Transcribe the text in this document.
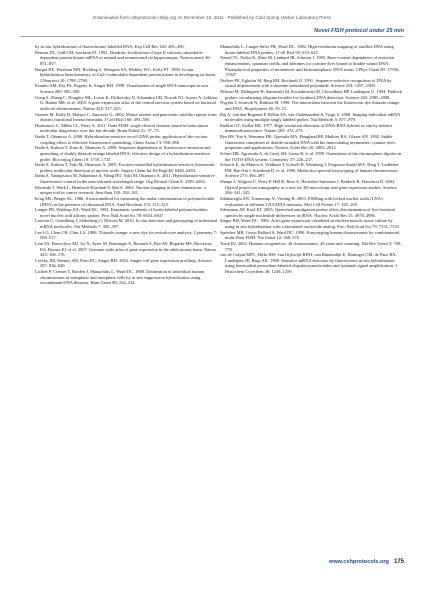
Downloaded from cshprotocols.cshlp.org on December 15, 2011 - Published by Cold Spring Harbor Laboratory Press
Novel FISH protocol under 25 min

by in situ hybridization of fluorochrome-labelled RNA. Exp Cell Res 128: 485–490.

Benson DL, Gall CM, Isackson PJ. 1992. Dendritic localization of type II calcium calmodulin-dependent protein kinase mRNA in normal and reinnervated rat hippocampus. Neuroscience 46: 851–857.

Burgin KE, Waxham MN, Rickling S, Westgate SA, Mobley WC, Kelly PT. 1990. In situ hybridization histochemistry of Ca2+/calmodulin-dependent protein kinase in developing rat brain. J Neurosci 10: 1788–1798.

Femino AM, Fay FS, Fogarty K, Singer RH. 1998. Visualization of single RNA transcripts in situ. Science 280: 585–590.

Gong S, Zheng C, Doughty ML, Losos K, Didkovsky N, Schambra UB, Nowak NJ, Joyner A, Leblanc G, Hatten ME, et al. 2003. A gene expression atlas of the central nervous system based on bacterial artificial chromosomes. Nature 425: 917–925.

Gurnett M, Baffy D, Matsuo C, Amoroso G. 2004. Mouse uterine and pancreatic satellite repeats form distinct functional heterochromatin. J Cell Biol 166: 493–505.

Hoshimoto C, Miller CL, Perry A. 2011. Gene FISH: single clinical features found in brain tumor molecular diagnostics over the last decade. Brain Pathol 21: 57–73.

Ikeda T, Okamoto A. 2008. Hybridization-sensitive on-off DNA probe: application of the exciton coupling effect to effective fluorescence quenching. Chem Asian J 3: 958–968.

Ikeda S, Kubota T, Kino K, Okamoto A. 2008. Sequence dependence of fluorescence emission and quenching of doubly thiazole orange labeled DNA: effective design of a hybridization-sensitive probe. Bioconjug Chem 19: 1719–1725.

Ikeda S, Kubota T, Yuki M, Okamoto A. 2009. Exciton-controlled hybridization-sensitive fluorescent probes: multicolor detection of nucleic acids. Angew Chem Int Ed Engl 48: 6480–6484.

Ikeda S, Yanagisawa M, Nakamura A, Wang DO, Yuki M, Okamoto A. 2011. Hybridization-sensitive fluorescence control in the near-infrared wavelength range. Org Biomol Chem 9: 4199–4204.

Khoshab T, Wark L, Hembach-Khoshab S, Mai S. 2002. Nuclear imaging in three dimensions: a unique tool in cancer research. Ann Anat 192: 292–301.

Krug MS, Berger SL. 1986. A micromethod for measuring the molar concentration of polynucleotide (DNA) in the presence of ribosomal RNA. Anal Biochem 153: 315–323.

Langer PR, Waldrop AA, Ward DC. 1981. Enzymatic synthesis of biotin-labeled polynucleotides: novel nucleic acid affinity probes. Proc Natl Acad Sci 78: 6633–6637.

Larsson C, Grundberg I, Söderberg O, Nilsson M. 2010. In situ detection and genotyping of individual mRNA molecules. Nat Methods 7: 395–397.

Lee LG, Chen CH, Chiu LA. 1986. Thiazole orange: a new dye for reticulocyte analysis. Cytometry 7: 508–517.

Lein ES, Hawrylycz MJ, Ao N, Ayres M, Bensinger A, Bernard A, Boe AF, Boguski MS, Brockway KS, Byrnes EJ, et al. 2007. Genome-wide atlas of gene expression in the adult mouse brain. Nature 445: 168–176.

Levsky JM, Shenoy SM, Pezo RC, Singer RH. 2002. Single-cell gene expression profiling. Science 297: 836–840.

Lichter P, Cremer T, Borden J, Manuelidis L, Ward DC. 1988. Delineation of individual human chromosomes in metaphase and interphase cells by in situ suppression hybridization using recombinant DNA libraries. Hum Genet 80: 224–234.

Manuelidis L, Langer-Safer PR, Ward DC. 1982. High-resolution mapping of satellite DNA using biotin-labeled DNA probes. J Cell Biol 95: 619–625.

Netzel TL, Nafisi K, Zhao M, Lenhard JR, Johnson I. 1995. Base-content dependence of emission enhancements, quantum yields, and lifetimes for cyanine dyes bound to double-strand DNA: Photophysical properties of monomeric and bichromophoric DNA stains. J Phys Chem 99: 17936–17947.

Nielsen PE, Egholm M, Berg RH, Buchardt O. 1991. Sequence-selective recognition of DNA by strand displacement with a thymine-substituted polyamide. Science 254: 1497–1500.

Nilsson M, Malmgren H, Samiotaki M, Kwiatkowski M, Chowdhary BP, Landegren U. 1994. Padlock probes: circularizing oligonucleotides for localized DNA detection. Science 265: 2085–2088.

Nygren J, Svanvik N, Kubista M. 1998. The interactions between the fluorescent dye thiazole orange and DNA. Biopolymers 46: 39–51.

Raj A, van den Bogaard P, Rifkin SA, van Oudenaarden A, Tyagi S. 2008. Imaging individual mRNA molecules using multiple singly labeled probes. Nat Methods 5: 877–879.

Rudkin GT, Stollar BD. 1977. High resolution detection of DNA-RNA hybrids in situ by indirect immunofluorescence. Nature 265: 472–473.

Rye HS, Yue S, Wemmer DE, Quesada MA, Haugland RP, Mathies RA, Glazer AN. 1992. Stable fluorescent complexes of double-stranded DNA with bis-intercalating asymmetric cyanine dyes: properties and applications. Nucleic Acids Res 20: 2803–2812.

Schiro DR, Agrawala A, de Goeij SH, Grose R, et al. 1999. Orientation of the chromophore dipoles in the TOTO-DNA system. Cytometry 37: 230–237.

Schrock E, du Manoir S, Veldman T, Schoell B, Wienberg J, Ferguson-Smith MA, Ning Y, Ledbetter DH, Bar-Am I, Soenksen D, et al. 1996. Multicolor spectral karyotyping of human chromosomes. Science 273: 494–497.

Sharpe J, Ahlgren U, Perry P, Hill B, Ross A, Hecksher-Sørensen J, Baldock R, Davidson D. 2002. Optical projection tomography as a tool for 3D microscopy and gene expression studies. Science 296: 541–545.

Silahtaroglu AN, Tommerup N, Vissing H. 2003. FISHing with locked nucleic acids (LNA): evaluation of different LNA/DNA mixmers. Mol Cell Probes 17: 165–169.

Silverman AP, Kool ET. 2005. Quenched autoligation probes allow discrimination of live bacterial species by single nucleotide differences in rRNA. Nucleic Acids Res 33: 4978–4986.

Singer RH, Ward DC. 1982. Actin gene expression visualized in chicken muscle tissue culture by using in situ hybridization with a biotinated nucleotide analog. Proc Natl Acad Sci 79: 7331–7335.

Speicher MR, Gwyn Ballard S, Ward DC. 1996. Karyotyping human chromosomes by combinatorial multi-fluor FISH. Nat Genet 12: 368–375.

Trask BJ. 2002. Human cytogenetics: 46 chromosomes, 46 years and counting. Nat Rev Genet 3: 769–778.

van de Corput MPC, Dirks RW, van Gijlswijk RPM, van Binnendijk E, Hattinger CM, de Paus RA, Landegent JE, Raap AK. 1998. Sensitive mRNA detection by fluorescence in situ hybridization using horseradish peroxidase-labeled oligodeoxynucleotides and tyramide signal amplification. J Histochem Cytochem 46: 1249–1259.

www.cshprotocols.org 175
